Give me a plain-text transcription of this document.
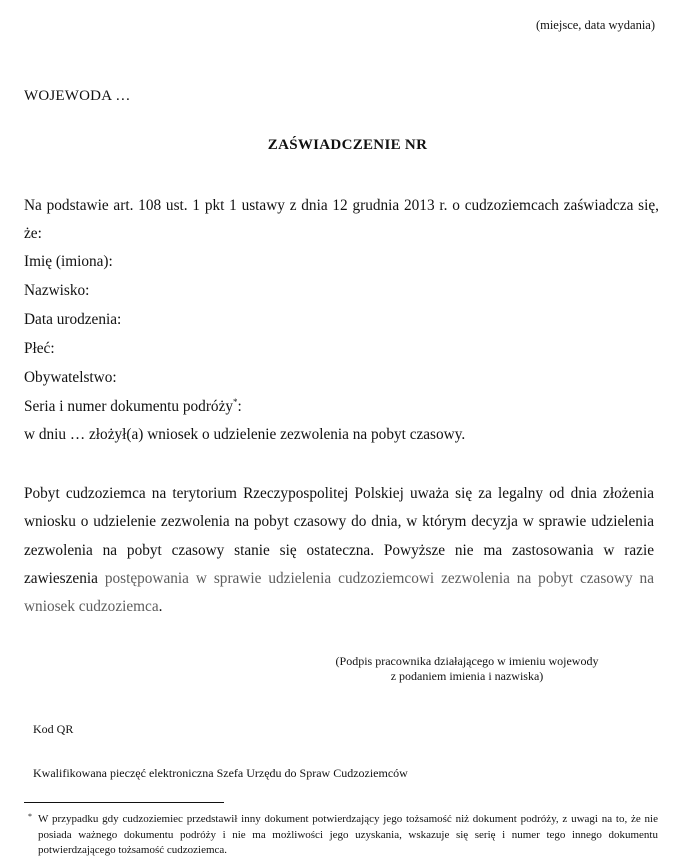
(miejsce, data wydania)
WOJEWODA …
ZAŚWIADCZENIE NR
Na podstawie art. 108 ust. 1 pkt 1 ustawy z dnia 12 grudnia 2013 r. o cudzoziemcach zaświadcza się, że:
Imię (imiona):
Nazwisko:
Data urodzenia:
Płeć:
Obywatelstwo:
Seria i numer dokumentu podróży*:
w dniu … złożył(a) wniosek o udzielenie zezwolenia na pobyt czasowy.
Pobyt cudzoziemca na terytorium Rzeczypospolitej Polskiej uważa się za legalny od dnia złożenia wniosku o udzielenie zezwolenia na pobyt czasowy do dnia, w którym decyzja w sprawie udzielenia zezwolenia na pobyt czasowy stanie się ostateczna. Powyższe nie ma zastosowania w razie zawieszenia postępowania w sprawie udzielenia cudzoziemcowi zezwolenia na pobyt czasowy na wniosek cudzoziemca.
(Podpis pracownika działającego w imieniu wojewody
z podaniem imienia i nazwiska)
Kod QR
Kwalifikowana pieczęć elektroniczna Szefa Urzędu do Spraw Cudzoziemców
* W przypadku gdy cudzoziemiec przedstawił inny dokument potwierdzający jego tożsamość niż dokument podróży, z uwagi na to, że nie posiada ważnego dokumentu podróży i nie ma możliwości jego uzyskania, wskazuje się serię i numer tego innego dokumentu potwierdzającego tożsamość cudzoziemca.
